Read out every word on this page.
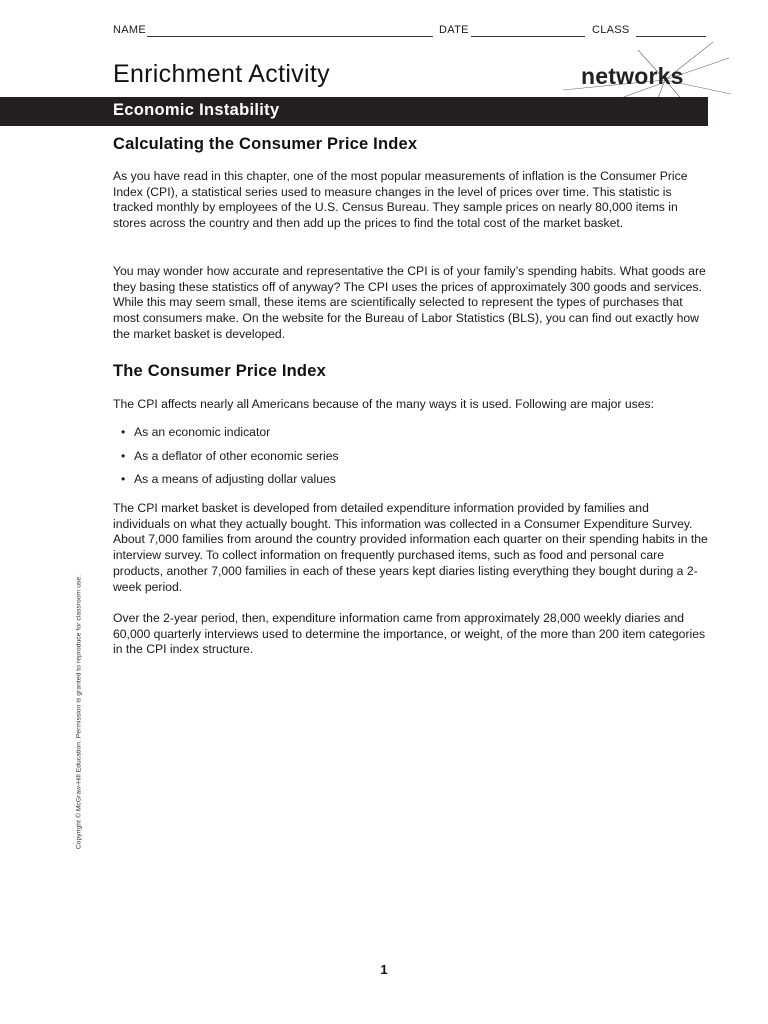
NAME	DATE	CLASS
Enrichment Activity	networks
Economic Instability
Calculating the Consumer Price Index

As you have read in this chapter, one of the most popular measurements of inflation is the Consumer Price Index (CPI), a statistical series used to measure changes in the level of prices over time. This statistic is tracked monthly by employees of the U.S. Census Bureau. They sample prices on nearly 80,000 items in stores across the country and then add up the prices to find the total cost of the market basket.

You may wonder how accurate and representative the CPI is of your family’s spending habits. What goods are they basing these statistics off of anyway? The CPI uses the prices of approximately 300 goods and services. While this may seem small, these items are scientifically selected to represent the types of purchases that most consumers make. On the website for the Bureau of Labor Statistics (BLS), you can find out exactly how the market basket is developed.

The Consumer Price Index

The CPI affects nearly all Americans because of the many ways it is used. Following are major uses:

• As an economic indicator
• As a deflator of other economic series
• As a means of adjusting dollar values

The CPI market basket is developed from detailed expenditure information provided by families and individuals on what they actually bought. This information was collected in a Consumer Expenditure Survey. About 7,000 families from around the country provided information each quarter on their spending habits in the interview survey. To collect information on frequently purchased items, such as food and personal care products, another 7,000 families in each of these years kept diaries listing everything they bought during a 2-week period.

Over the 2-year period, then, expenditure information came from approximately 28,000 weekly diaries and 60,000 quarterly interviews used to determine the importance, or weight, of the more than 200 item categories in the CPI index structure.

Copyright © McGraw-Hill Education. Permission is granted to reproduce for classroom use.
1
